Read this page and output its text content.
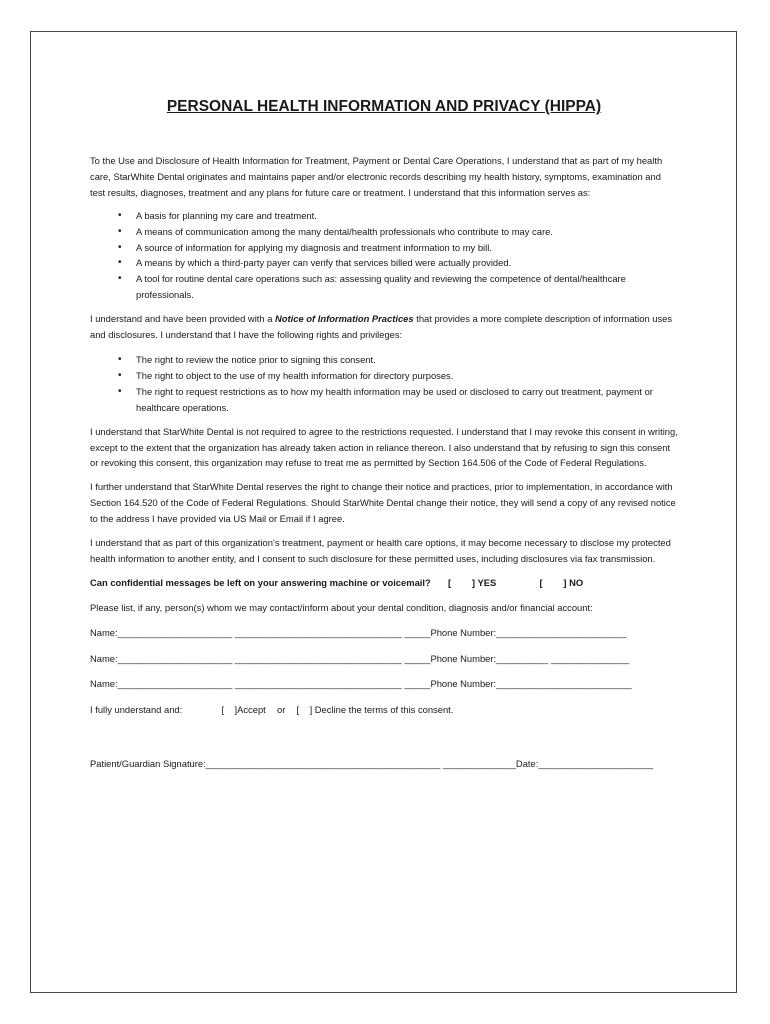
PERSONAL HEALTH INFORMATION AND PRIVACY (HIPPA)

To the Use and Disclosure of Health Information for Treatment, Payment or Dental Care Operations, I understand that as part of my health care, StarWhite Dental originates and maintains paper and/or electronic records describing my health history, symptoms, examination and test results, diagnoses, treatment and any plans for future care or treatment. I understand that this information serves as:

• A basis for planning my care and treatment.
• A means of communication among the many dental/health professionals who contribute to may care.
• A source of information for applying my diagnosis and treatment information to my bill.
• A means by which a third-party payer can verify that services billed were actually provided.
• A tool for routine dental care operations such as: assessing quality and reviewing the competence of dental/healthcare professionals.

I understand and have been provided with a Notice of Information Practices that provides a more complete description of information uses and disclosures. I understand that I have the following rights and privileges:

• The right to review the notice prior to signing this consent.
• The right to object to the use of my health information for directory purposes.
• The right to request restrictions as to how my health information may be used or disclosed to carry out treatment, payment or healthcare operations.

I understand that StarWhite Dental is not required to agree to the restrictions requested. I understand that I may revoke this consent in writing, except to the extent that the organization has already taken action in reliance thereon. I also understand that by refusing to sign this consent or revoking this consent, this organization may refuse to treat me as permitted by Section 164.506 of the Code of Federal Regulations.

I further understand that StarWhite Dental reserves the right to change their notice and practices, prior to implementation, in accordance with Section 164.520 of the Code of Federal Regulations. Should StarWhite Dental change their notice, they will send a copy of any revised notice to the address I have provided via US Mail or Email if I agree.

I understand that as part of this organization’s treatment, payment or health care options, it may become necessary to disclose my protected health information to another entity, and I consent to such disclosure for these permitted uses, including disclosures via fax transmission.

Can confidential messages be left on your answering machine or voicemail? [        ] YES	[        ] NO

Please list, if any, person(s) whom we may contact/inform about your dental condition, diagnosis and/or financial account:

Name:______________________ ________________________________ _____Phone Number:_________________________

Name:______________________ ________________________________ _____Phone Number:__________ _______________

Name:______________________ ________________________________ _____Phone Number:__________________________

I fully understand and:	[    ]Accept or [    ] Decline the terms of this consent.

Patient/Guardian Signature:_____________________________________________ ______________Date:______________________
